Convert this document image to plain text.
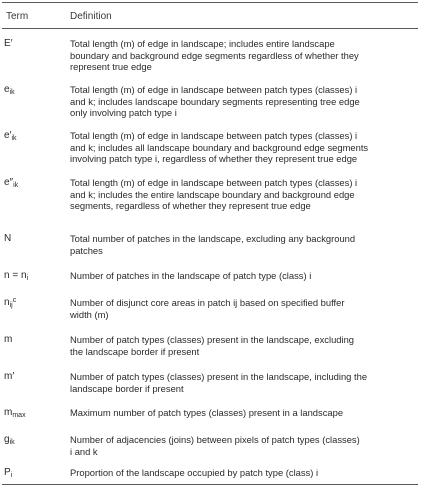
Term	Definition
E′	Total length (m) of edge in landscape; includes entire landscape
boundary and background edge segments regardless of whether they
represent true edge
$e_{ik}$	Total length (m) of edge in landscape between patch types (classes) i
and k; includes landscape boundary segments representing tree edge
only involving patch type i
$e'_{ik}$	Total length (m) of edge in landscape between patch types (classes) i
and k; includes all landscape boundary and background edge segments
involving patch type i, regardless of whether they represent true edge
$e''_{ik}$	Total length (m) of edge in landscape between patch types (classes) i
and k; includes the entire landscape boundary and background edge
segments, regardless of whether they represent true edge
N	Total number of patches in the landscape, excluding any background
patches
$n = n_i$	Number of patches in the landscape of patch type (class) i
$n_{ij}^c$	Number of disjunct core areas in patch ij based on specified buffer
width (m)
m	Number of patch types (classes) present in the landscape, excluding
the landscape border if present
m′	Number of patch types (classes) present in the landscape, including the
landscape border if present
$m_{max}$	Maximum number of patch types (classes) present in a landscape
$g_{ik}$	Number of adjacencies (joins) between pixels of patch types (classes)
i and k
$P_i$	Proportion of the landscape occupied by patch type (class) i
